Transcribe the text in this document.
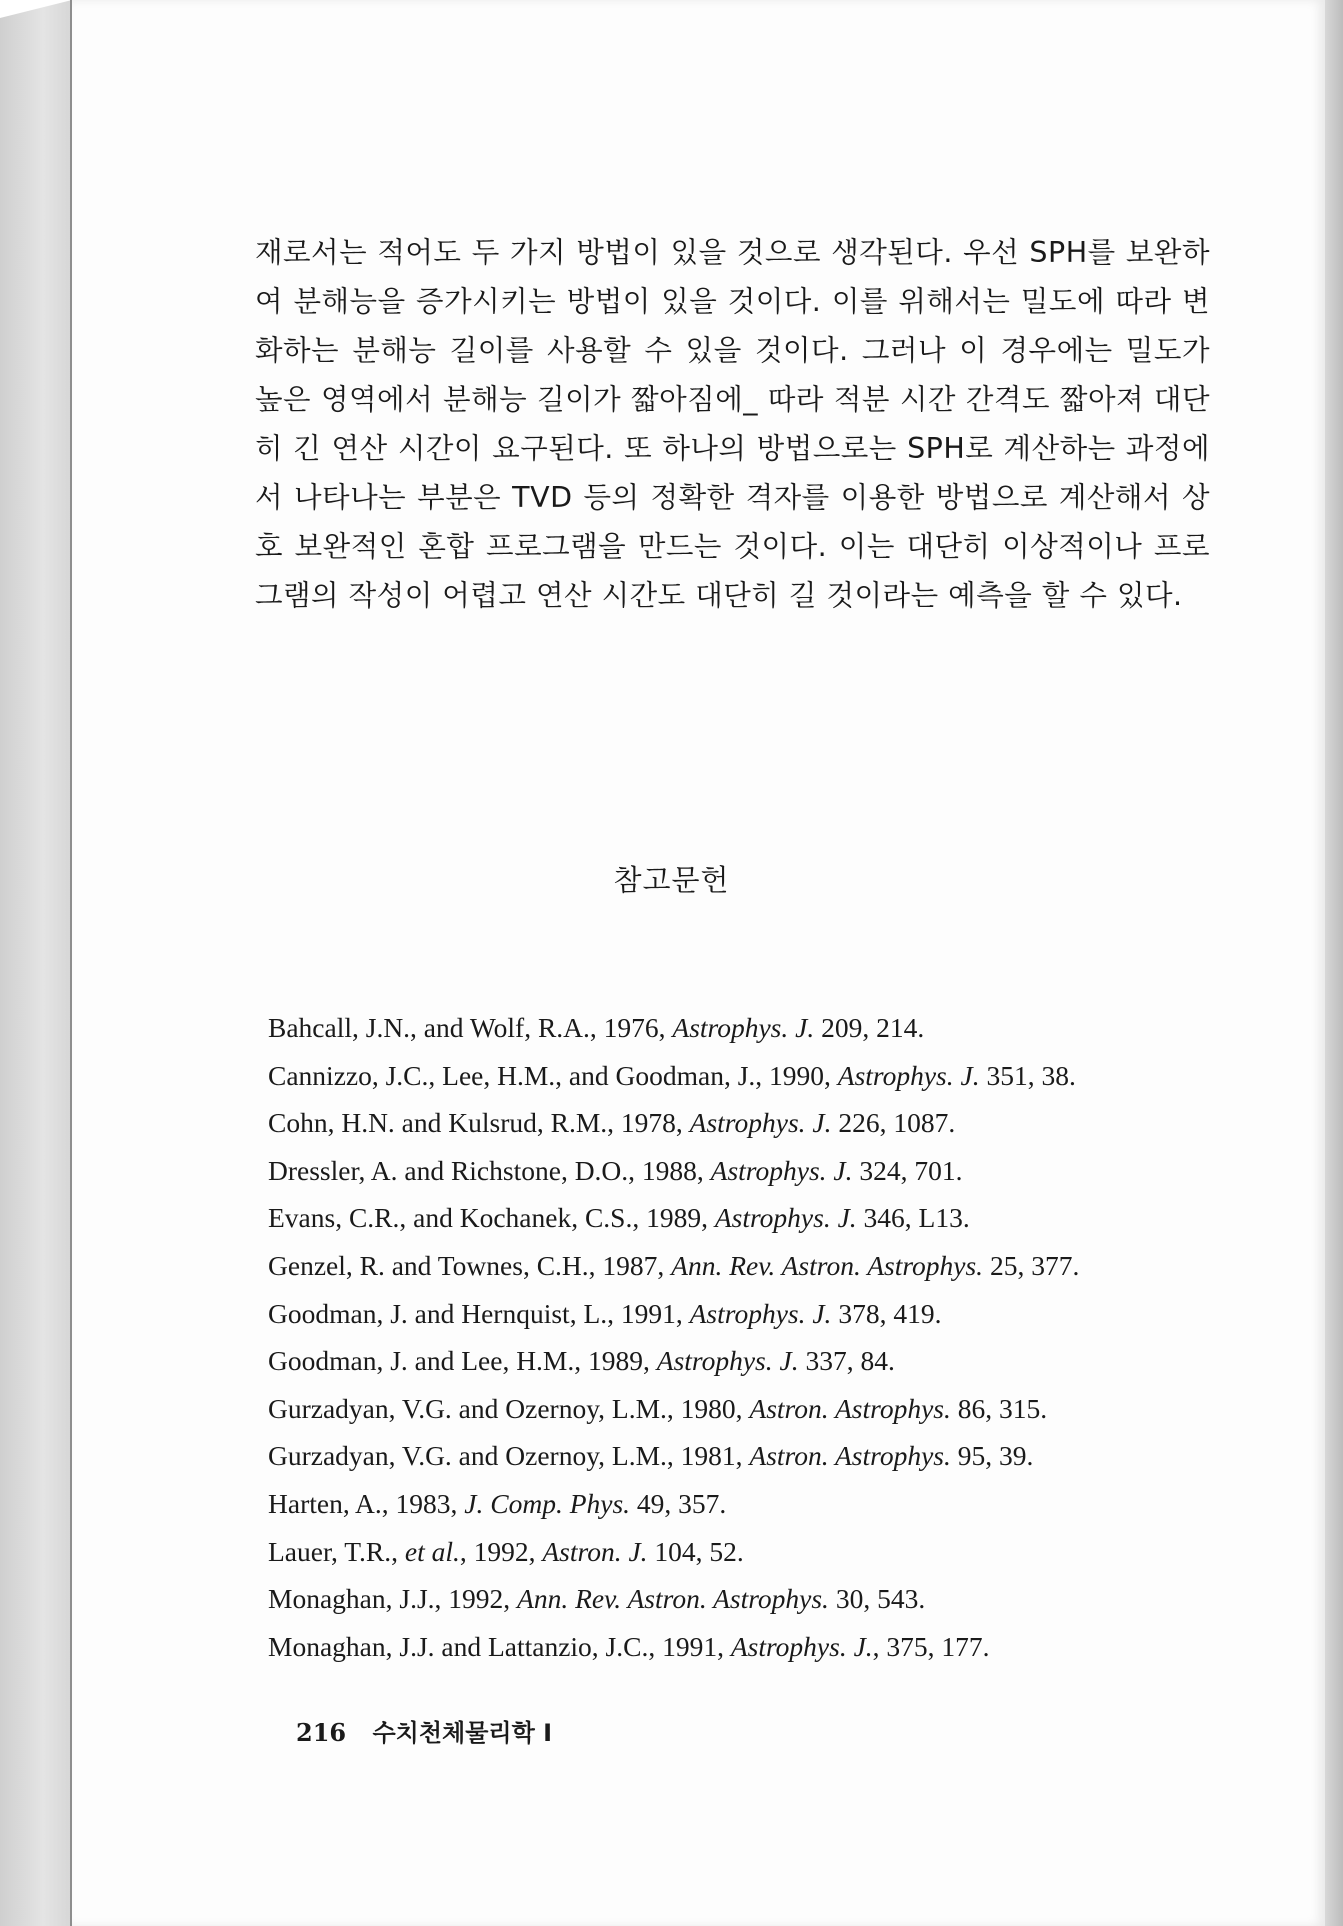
재로서는 적어도 두 가지 방법이 있을 것으로 생각된다. 우선 SPH를 보완하여 분해능을 증가시키는 방법이 있을 것이다. 이를 위해서는 밀도에 따라 변화하는 분해능 길이를 사용할 수 있을 것이다. 그러나 이 경우에는 밀도가 높은 영역에서 분해능 길이가 짧아짐에_ 따라 적분 시간 간격도 짧아져 대단히 긴 연산 시간이 요구된다. 또 하나의 방법으로는 SPH로 계산하는 과정에서 나타나는 부분은 TVD 등의 정확한 격자를 이용한 방법으로 계산해서 상호 보완적인 혼합 프로그램을 만드는 것이다. 이는 대단히 이상적이나 프로그램의 작성이 어렵고 연산 시간도 대단히 길 것이라는 예측을 할 수 있다.

참고문헌
Bahcall, J.N., and Wolf, R.A., 1976, Astrophys. J. 209, 214.
Cannizzo, J.C., Lee, H.M., and Goodman, J., 1990, Astrophys. J. 351, 38.
Cohn, H.N. and Kulsrud, R.M., 1978, Astrophys. J. 226, 1087.
Dressler, A. and Richstone, D.O., 1988, Astrophys. J. 324, 701.
Evans, C.R., and Kochanek, C.S., 1989, Astrophys. J. 346, L13.
Genzel, R. and Townes, C.H., 1987, Ann. Rev. Astron. Astrophys. 25, 377.
Goodman, J. and Hernquist, L., 1991, Astrophys. J. 378, 419.
Goodman, J. and Lee, H.M., 1989, Astrophys. J. 337, 84.
Gurzadyan, V.G. and Ozernoy, L.M., 1980, Astron. Astrophys. 86, 315.
Gurzadyan, V.G. and Ozernoy, L.M., 1981, Astron. Astrophys. 95, 39.
Harten, A., 1983, J. Comp. Phys. 49, 357.
Lauer, T.R., et al., 1992, Astron. J. 104, 52.
Monaghan, J.J., 1992, Ann. Rev. Astron. Astrophys. 30, 543.
Monaghan, J.J. and Lattanzio, J.C., 1991, Astrophys. J., 375, 177.
216 수치천체물리학 I
